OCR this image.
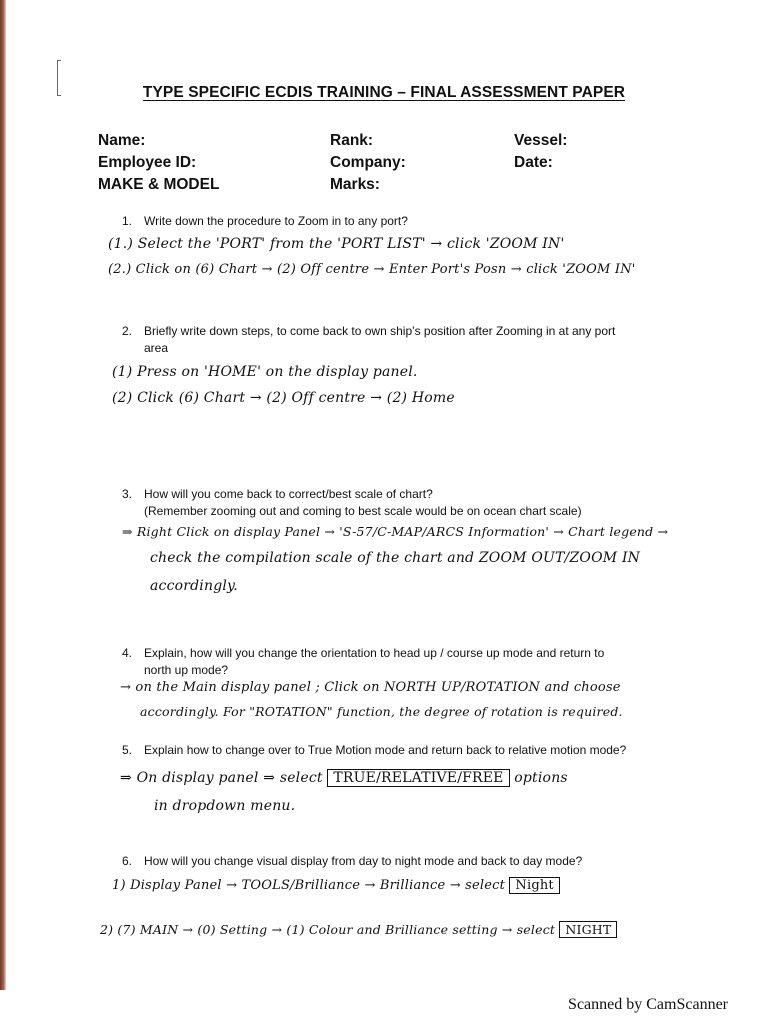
TYPE SPECIFIC ECDIS TRAINING – FINAL ASSESSMENT PAPER
Name:
Employee ID:
MAKE & MODEL
Rank:
Company:
Marks:
Vessel:
Date:
1. Write down the procedure to Zoom in to any port?
(1.) Select the 'PORT' from the 'PORT LIST' → click 'ZOOM IN'
(2.) Click on (6) Chart → (2) Off centre → Enter Port's Posn → click 'ZOOM IN'
2. Briefly write down steps, to come back to own ship’s position after Zooming in at any port
area
(1) Press on 'HOME' on the display panel.
(2) Click (6) Chart → (2) Off centre → (2) Home
3. How will you come back to correct/best scale of chart?
(Remember zooming out and coming to best scale would be on ocean chart scale)
⇒ Right Click on display Panel → 'S-57/C-MAP/ARCS Information' → Chart legend →
check the compilation scale of the chart and ZOOM OUT/ZOOM IN
accordingly.
4. Explain, how will you change the orientation to head up / course up mode and return to
north up mode?
→ on the Main display panel ; Click on NORTH UP/ROTATION and choose
accordingly. For "ROTATION" function, the degree of rotation is required.
5. Explain how to change over to True Motion mode and return back to relative motion mode?
⇒ On display panel ⇒ select TRUE/RELATIVE/FREE options
in dropdown menu.
6. How will you change visual display from day to night mode and back to day mode?
1) Display Panel → TOOLS/Brilliance → Brilliance → select Night
2) (7) MAIN → (0) Setting → (1) Colour and Brilliance setting → select NIGHT
Scanned by CamScanner
